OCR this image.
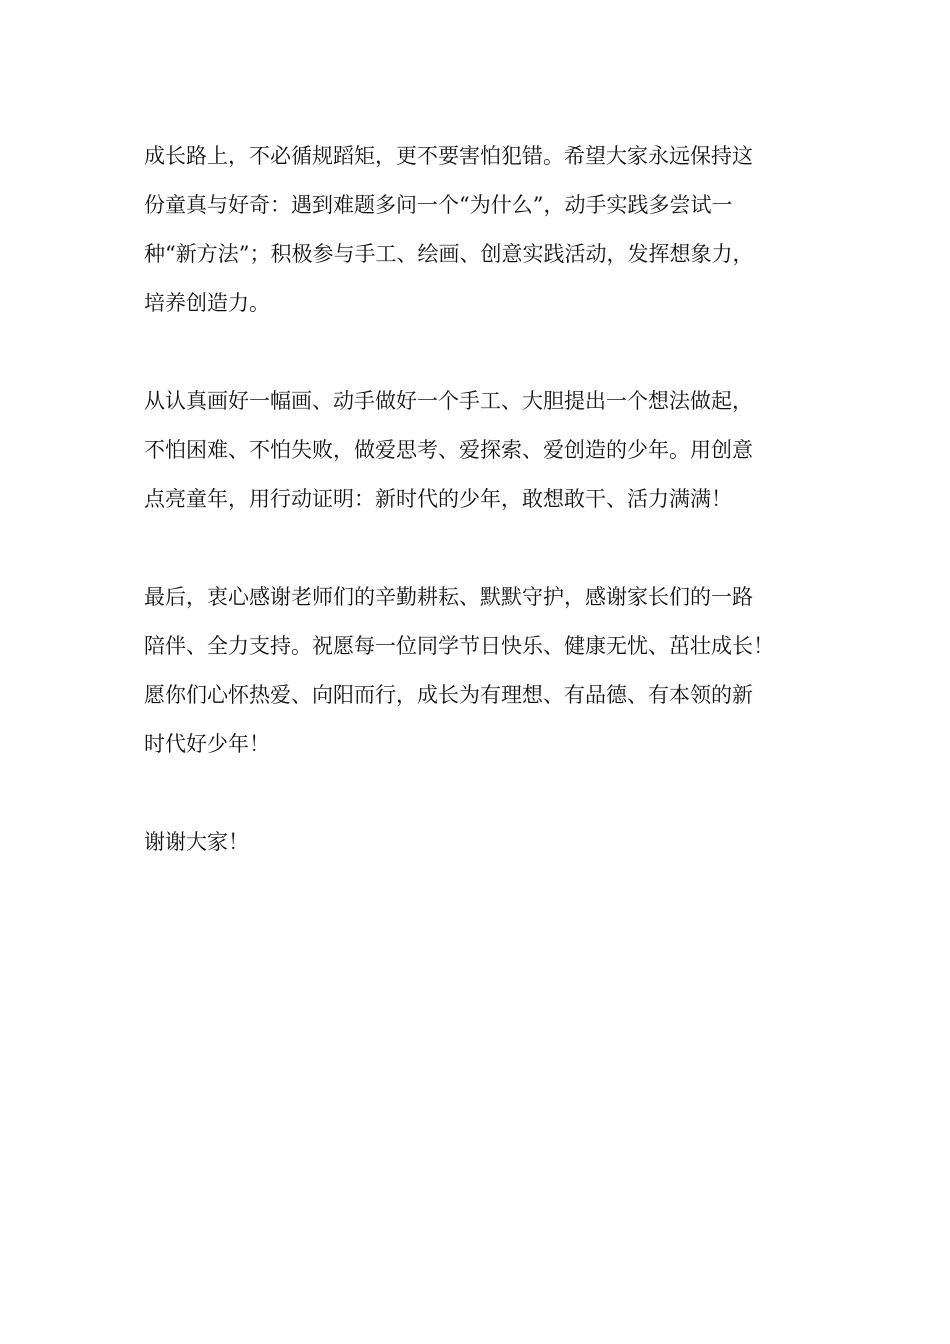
成长路上，不必循规蹈矩，更不要害怕犯错。希望大家永远保持这
份童真与好奇：遇到难题多问一个“为什么”，动手实践多尝试一
种“新方法”；积极参与手工、绘画、创意实践活动，发挥想象力，
培养创造力。
从认真画好一幅画、动手做好一个手工、大胆提出一个想法做起，
不怕困难、不怕失败，做爱思考、爱探索、爱创造的少年。用创意
点亮童年，用行动证明：新时代的少年，敢想敢干、活力满满！
最后，衷心感谢老师们的辛勤耕耘、默默守护，感谢家长们的一路
陪伴、全力支持。祝愿每一位同学节日快乐、健康无忧、茁壮成长！
愿你们心怀热爱、向阳而行，成长为有理想、有品德、有本领的新
时代好少年！
谢谢大家！
